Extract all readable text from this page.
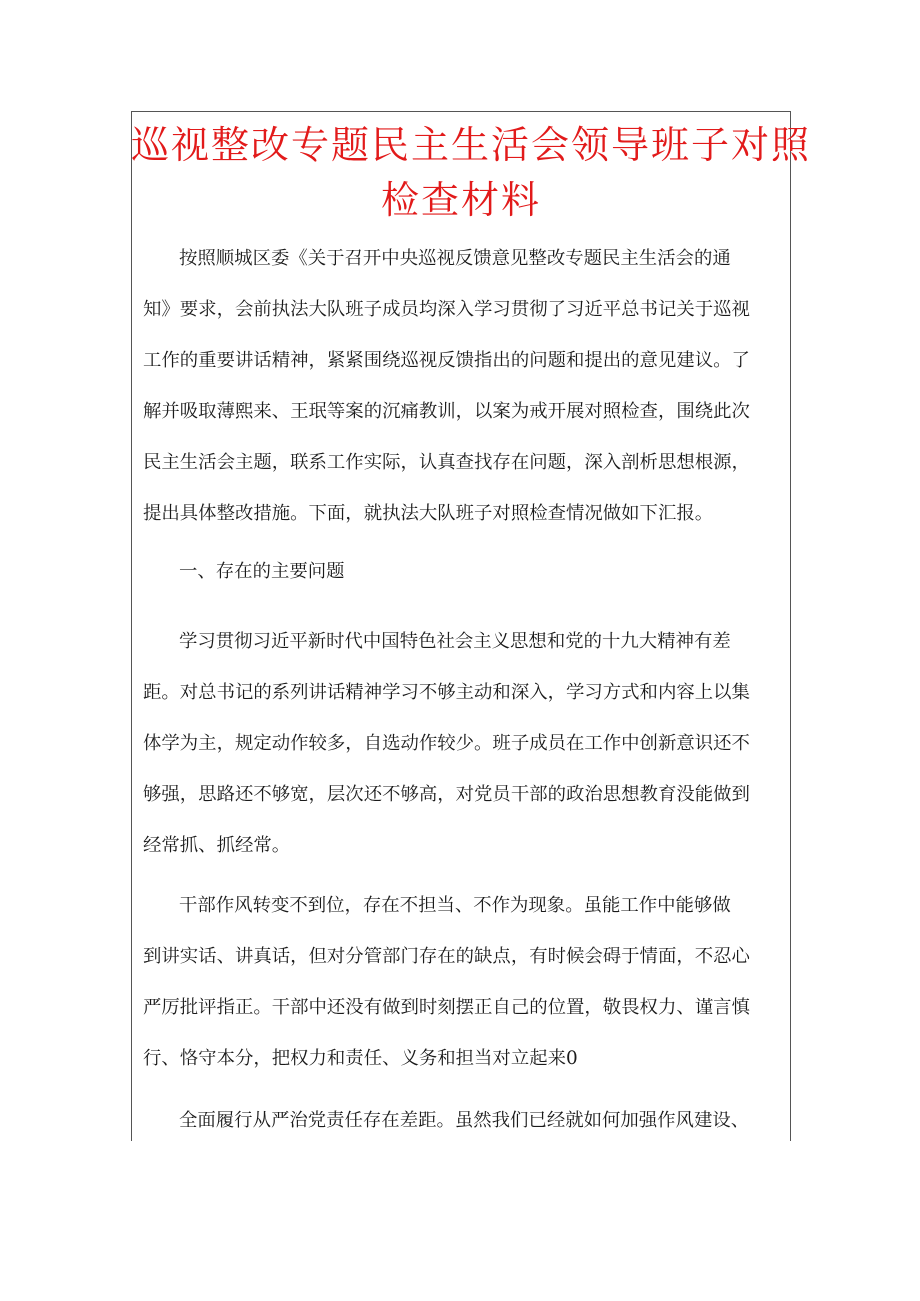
巡视整改专题民主生活会领导班子对照
检查材料
按照顺城区委《关于召开中央巡视反馈意见整改专题民主生活会的通
知》要求，会前执法大队班子成员均深入学习贯彻了习近平总书记关于巡视
工作的重要讲话精神，紧紧围绕巡视反馈指出的问题和提出的意见建议。了
解并吸取薄熙来、王珉等案的沉痛教训，以案为戒开展对照检查，围绕此次
民主生活会主题，联系工作实际，认真查找存在问题，深入剖析思想根源，
提出具体整改措施。下面，就执法大队班子对照检查情况做如下汇报。
一、存在的主要问题
学习贯彻习近平新时代中国特色社会主义思想和党的十九大精神有差
距。对总书记的系列讲话精神学习不够主动和深入，学习方式和内容上以集
体学为主，规定动作较多，自选动作较少。班子成员在工作中创新意识还不
够强，思路还不够宽，层次还不够高，对党员干部的政治思想教育没能做到
经常抓、抓经常。
干部作风转变不到位，存在不担当、不作为现象。虽能工作中能够做
到讲实话、讲真话，但对分管部门存在的缺点，有时候会碍于情面，不忍心
严厉批评指正。干部中还没有做到时刻摆正自己的位置，敬畏权力、谨言慎
行、恪守本分，把权力和责任、义务和担当对立起来0
全面履行从严治党责任存在差距。虽然我们已经就如何加强作风建设、
